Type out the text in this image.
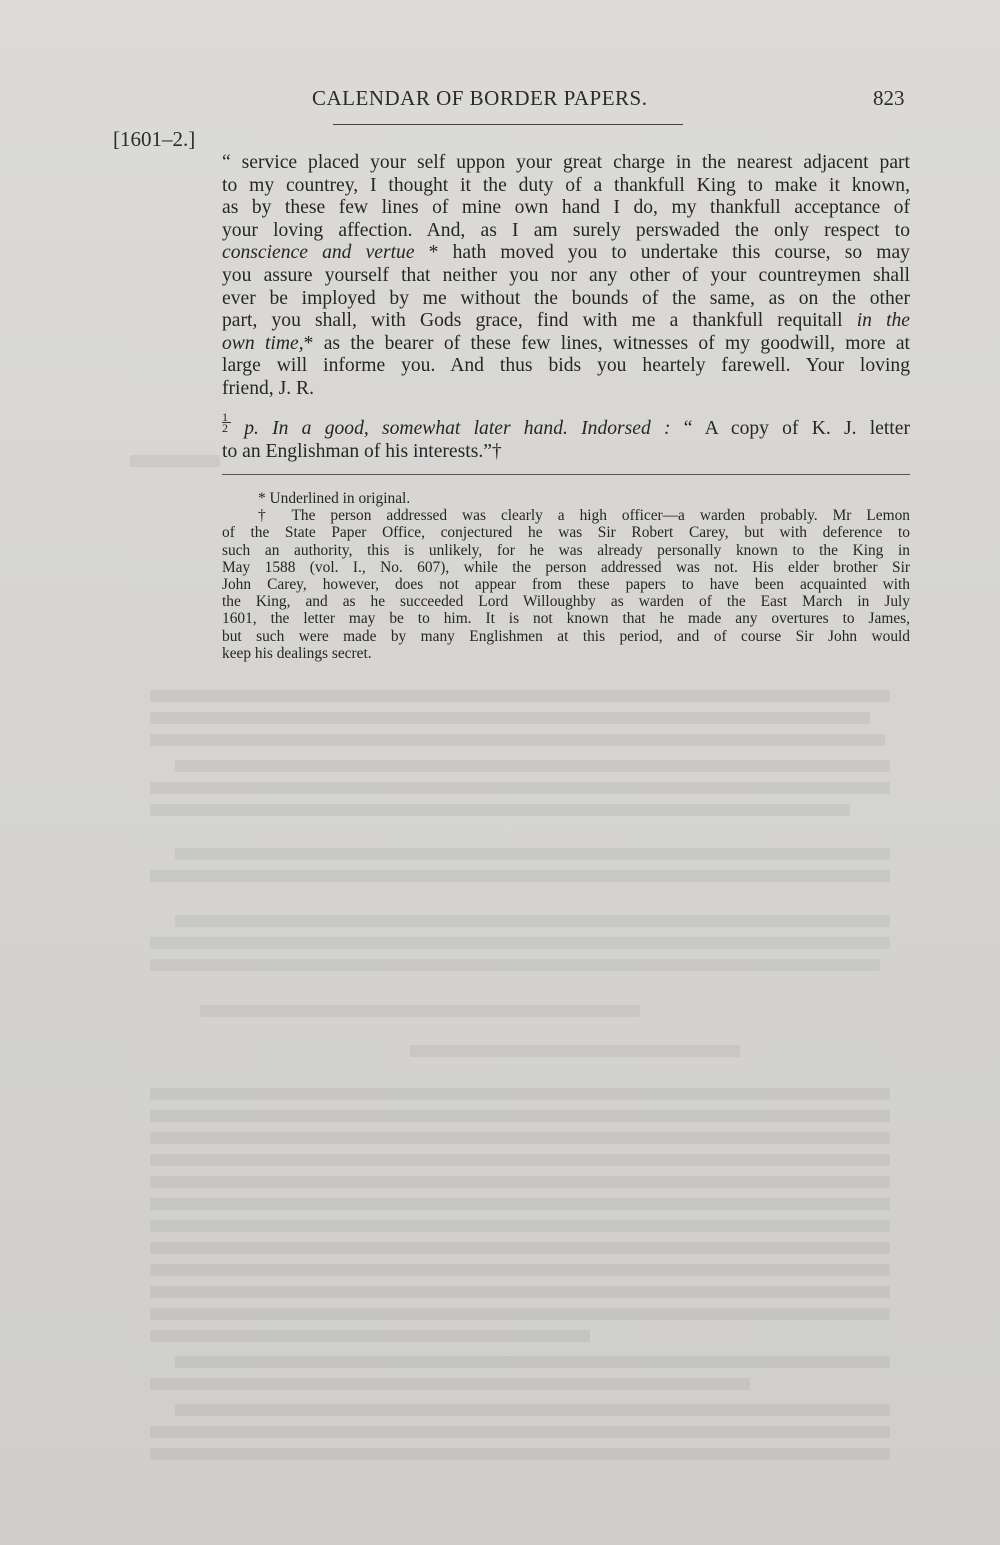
CALENDAR OF BORDER PAPERS.	823
[1601–2.]
“ service placed your self uppon your great charge in the nearest adjacent part
to my countrey, I thought it the duty of a thankfull King to make it known,
as by these few lines of mine own hand I do, my thankfull acceptance of
your loving affection. And, as I am surely perswaded the only respect to
conscience and vertue * hath moved you to undertake this course, so may
you assure yourself that neither you nor any other of your countreymen shall
ever be imployed by me without the bounds of the same, as on the other
part, you shall, with Gods grace, find with me a thankfull requitall in the
own time,* as the bearer of these few lines, witnesses of my goodwill, more at
large will informe you. And thus bids you heartely farewell. Your loving
friend, J. R.
$\frac{1}{2} p$. In a good, somewhat later hand. Indorsed : “ A copy of K. J. letter
to an Englishman of his interests.”†
* Underlined in original.
† The person addressed was clearly a high officer—a warden probably. Mr Lemon
of the State Paper Office, conjectured he was Sir Robert Carey, but with deference to
such an authority, this is unlikely, for he was already personally known to the King in
May 1588 (vol. I., No. 607), while the person addressed was not. His elder brother Sir
John Carey, however, does not appear from these papers to have been acquainted with
the King, and as he succeeded Lord Willoughby as warden of the East March in July
1601, the letter may be to him. It is not known that he made any overtures to James,
but such were made by many Englishmen at this period, and of course Sir John would
keep his dealings secret.
